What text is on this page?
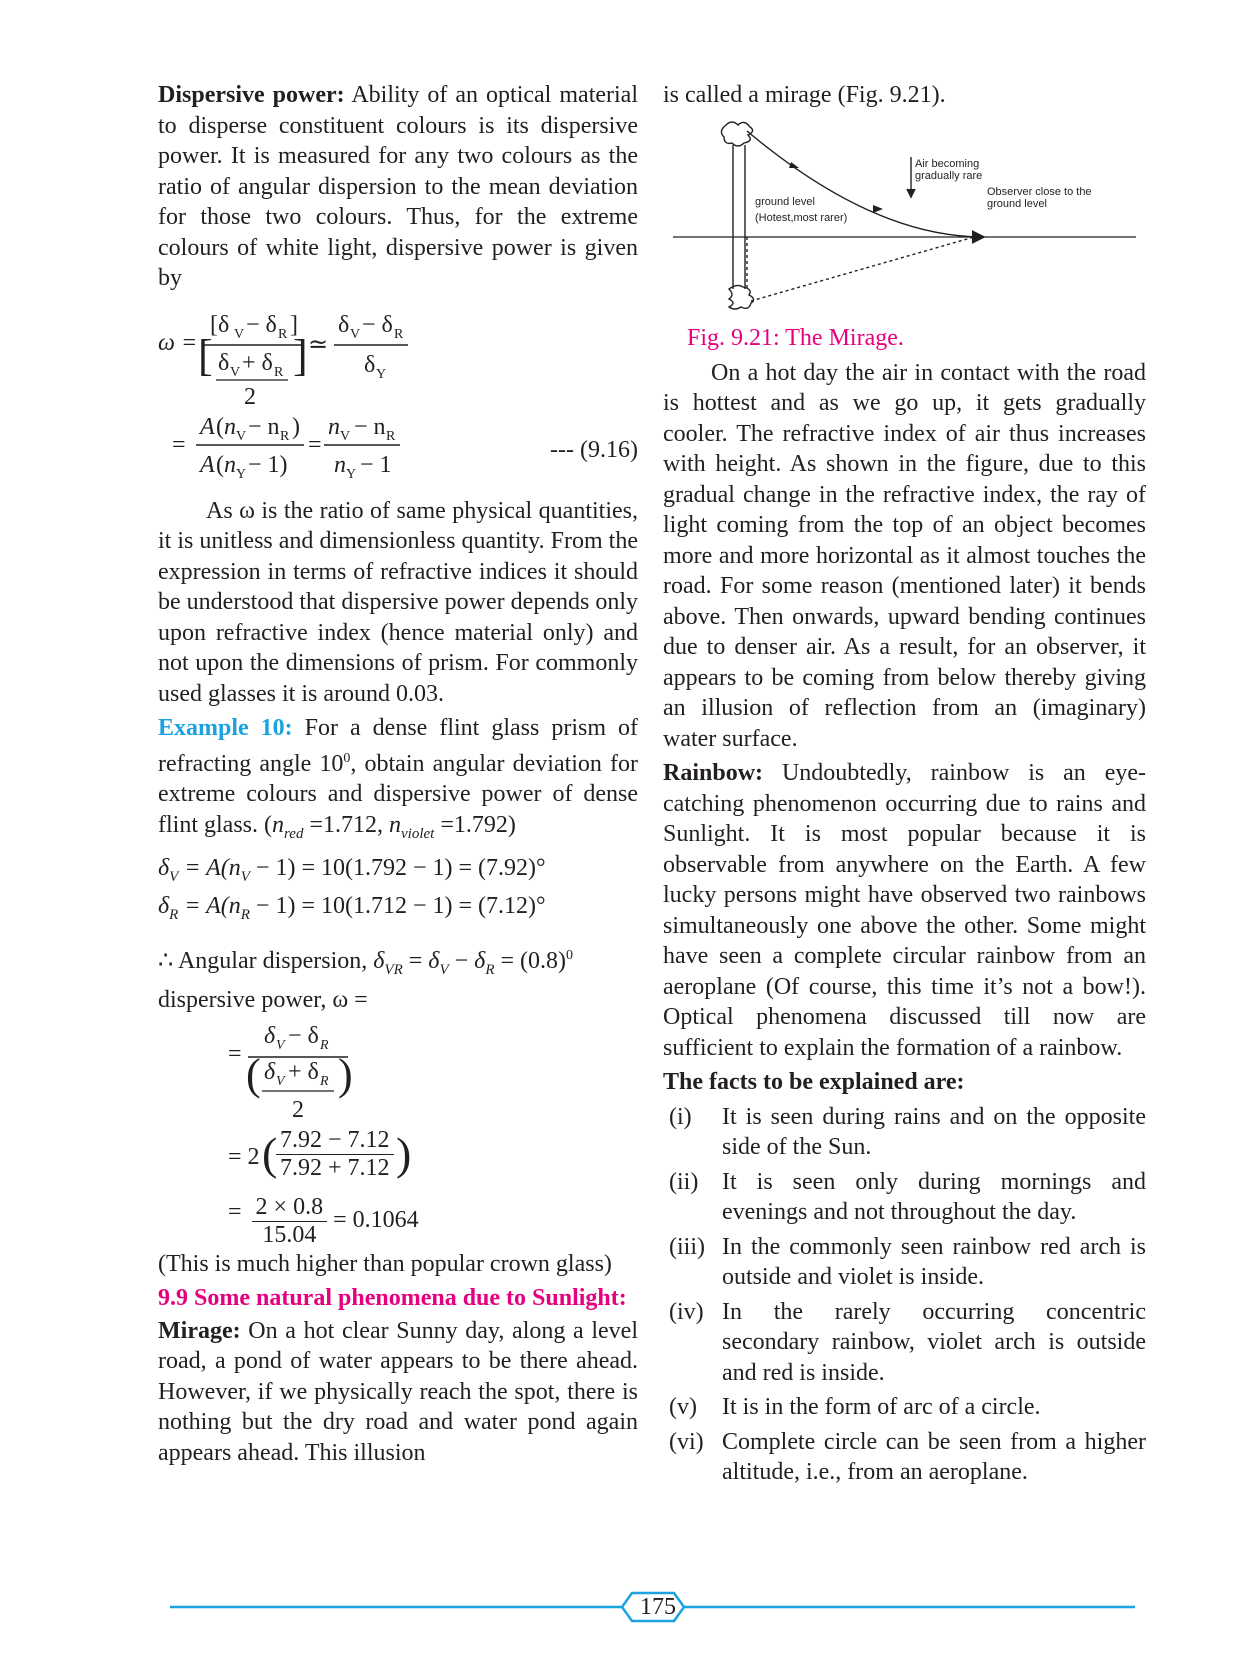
Dispersive power: Ability of an optical material to disperse constituent colours is its dispersive power. It is measured for any two colours as the ratio of angular dispersion to the mean deviation for those two colours. Thus, for the extreme colours of white light, dispersive power is given by

ω =
[δ V − δ R ]
[ δ V + δ R
2
] ≃
δ V − δ R
δ Y
=
A ( n V − n R )
A ( n Y − 1)
=
n V − n R
n Y − 1
--- (9.16)

As ω is the ratio of same physical quantities, it is unitless and dimensionless quantity. From the expression in terms of refractive indices it should be understood that dispersive power depends only upon refractive index (hence material only) and not upon the dimensions of prism. For commonly used glasses it is around 0.03.

Example 10: For a dense flint glass prism of refracting angle $10^0$, obtain angular deviation for extreme colours and dispersive power of dense flint glass. ($n_{red} =1.712$, $n_{violet} =1.792$)

$\delta_V = A(n_V - 1) = 10(1.792 - 1) = (7.92)^\circ$
$\delta_R = A(n_R - 1) = 10(1.712 - 1) = (7.12)^\circ$
∴ Angular dispersion, $\delta_{VR} = \delta_V - \delta_R = (0.8)^0$
dispersive power, ω =
=
δ V − δ R
( δ V + δ R
2
)
= 2 (	)
$\frac{7.92 - 7.12}{7.92 + 7.12}$
= $\frac{2 \times 0.8}{15.04} = 0.1064$

(This is much higher than popular crown glass)

9.9 Some natural phenomena due to Sunlight:

Mirage: On a hot clear Sunny day, along a level road, a pond of water appears to be there ahead. However, if we physically reach the spot, there is nothing but the dry road and water pond again appears ahead. This illusion

is called a mirage (Fig. 9.21).

Air becoming
gradually rare
Observer close to the
ground level
ground level
(Hotest,most rarer)
Fig. 9.21: The Mirage.

On a hot day the air in contact with the road is hottest and as we go up, it gets gradually cooler. The refractive index of air thus increases with height. As shown in the figure, due to this gradual change in the refractive index, the ray of light coming from the top of an object becomes more and more horizontal as it almost touches the road. For some reason (mentioned later) it bends above. Then onwards, upward bending continues due to denser air. As a result, for an observer, it appears to be coming from below thereby giving an illusion of reflection from an (imaginary) water surface.

Rainbow: Undoubtedly, rainbow is an eye-catching phenomenon occurring due to rains and Sunlight. It is most popular because it is observable from anywhere on the Earth. A few lucky persons might have observed two rainbows simultaneously one above the other. Some might have seen a complete circular rainbow from an aeroplane (Of course, this time it’s not a bow!). Optical phenomena discussed till now are sufficient to explain the formation of a rainbow.

The facts to be explained are:

(i) It is seen during rains and on the opposite side of the Sun.
(ii) It is seen only during mornings and evenings and not throughout the day.
(iii) In the commonly seen rainbow red arch is outside and violet is inside.
(iv) In the rarely occurring concentric secondary rainbow, violet arch is outside and red is inside.
(v) It is in the form of arc of a circle.
(vi) Complete circle can be seen from a higher altitude, i.e., from an aeroplane.
175
